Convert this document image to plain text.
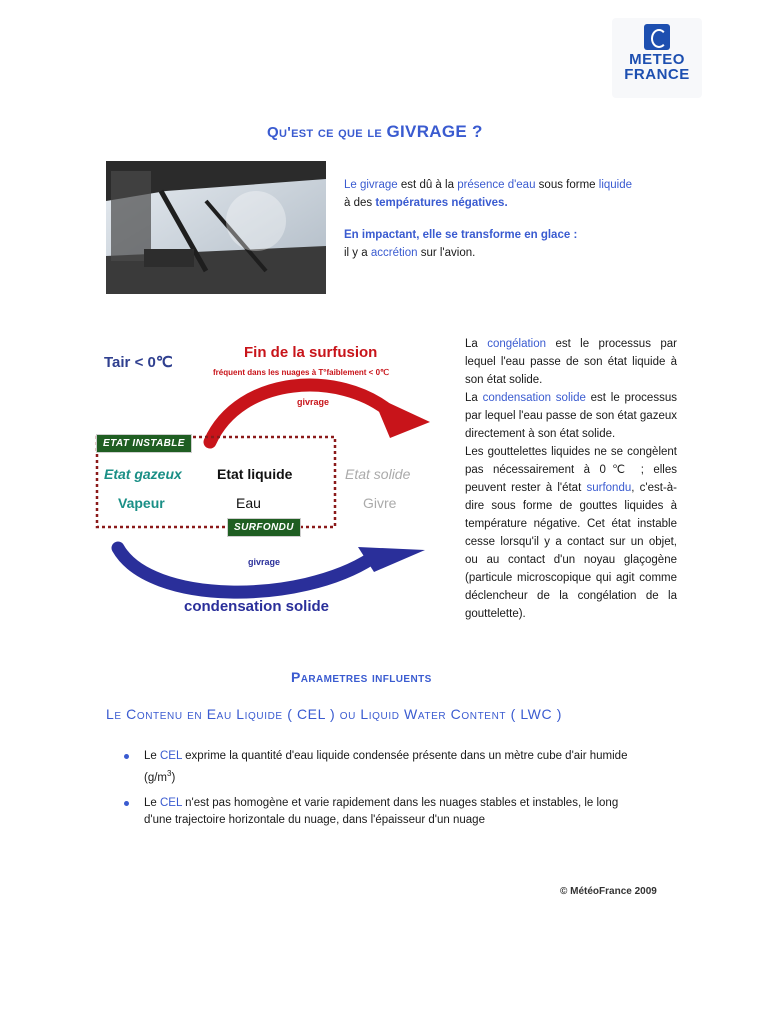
METEO
FRANCE
Qu'est ce que le GIVRAGE ?

Le givrage est dû à la présence d'eau sous forme liquide

à des températures négatives.

En impactant, elle se transforme en glace :

il y a accrétion sur l'avion.

Tair < 0℃
Fin de la surfusion
fréquent dans les nuages à T°faiblement < 0℃
givrage
ETAT INSTABLE
Etat gazeux	Etat liquide	Etat solide
Vapeur	Eau	Givre
SURFONDU
givrage
condensation solide
La congélation est le processus par lequel l'eau passe de son état liquide à son état solide.
La condensation solide est le processus par lequel l'eau passe de son état gazeux directement à son état solide.
Les gouttelettes liquides ne se congèlent pas nécessairement à 0℃ ; elles peuvent rester à l'état surfondu, c'est-à-dire sous forme de gouttes liquides à température négative. Cet état instable cesse lorsqu'il y a contact sur un objet, ou au contact d'un noyau glaçogène (particule microscopique qui agit comme déclencheur de la congélation de la gouttelette).
Parametres influents
Le Contenu en Eau Liquide ( CEL ) ou Liquid Water Content ( LWC )
Le CEL exprime la quantité d'eau liquide condensée présente dans un mètre cube d'air humide $(g/m^3)$
Le CEL n'est pas homogène et varie rapidement dans les nuages stables et instables, le long d'une trajectoire horizontale du nuage, dans l'épaisseur d'un nuage
© MétéoFrance 2009
